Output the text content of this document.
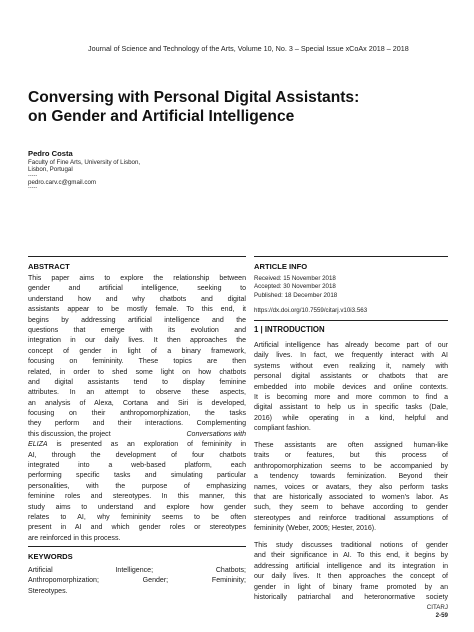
Journal of Science and Technology of the Arts, Volume 10, No. 3 – Special Issue xCoAx 2018 – 2018
Conversing with Personal Digital Assistants:
on Gender and Artificial Intelligence
Pedro Costa
Faculty of Fine Arts, University of Lisbon,
Lisbon, Portugal
-----
pedro.carv.c@gmail.com
-----
ABSTRACT
This paper aims to explore the relationship between
gender and artificial intelligence, seeking to
understand how and why chatbots and digital
assistants appear to be mostly female. To this end, it
begins by addressing artificial intelligence and the
questions that emerge with its evolution and
integration in our daily lives. It then approaches the
concept of gender in light of a binary framework,
focusing on femininity. These topics are then
related, in order to shed some light on how chatbots
and digital assistants tend to display feminine
attributes. In an attempt to observe these aspects,
an analysis of Alexa, Cortana and Siri is developed,
focusing on their anthropomorphization, the tasks
they perform and their interactions. Complementing
this discussion, the project	Conversations with
ELIZA is presented as an exploration of femininity in
AI, through the development of four chatbots
integrated into a web-based platform, each
performing specific tasks and simulating particular
personalities, with the purpose of emphasizing
feminine roles and stereotypes. In this manner, this
study aims to understand and explore how gender
relates to AI, why femininity seems to be often
present in AI and which gender roles or stereotypes
are reinforced in this process.
KEYWORDS
Artificial	Intelligence;	Chatbots;
Anthropomorphization;	Gender;	Femininity;
Stereotypes.
ARTICLE INFO
Received: 15 November 2018
Accepted: 30 November 2018
Published: 18 December 2018
https://dx.doi.org/10.7559/citarj.v10i3.563
1 | INTRODUCTION
Artificial intelligence has already become part of our
daily lives. In fact, we frequently interact with AI
systems without even realizing it, namely with
personal digital assistants or chatbots that are
embedded into mobile devices and online contexts.
It is becoming more and more common to find a
digital assistant to help us in specific tasks (Dale,
2016) while operating in a kind, helpful and
compliant fashion.
These assistants are often assigned human-like
traits or features, but this process of
anthropomorphization seems to be accompanied by
a tendency towards feminization. Beyond their
names, voices or avatars, they also perform tasks
that are historically associated to women's labor. As
such, they seem to behave according to gender
stereotypes and reinforce traditional assumptions of
femininity (Weber, 2005; Hester, 2016).
This study discusses traditional notions of gender
and their significance in AI. To this end, it begins by
addressing artificial intelligence and its integration in
our daily lives. It then approaches the concept of
gender in light of binary frame promoted by an
historically patriarchal and heteronormative society
CITARJ
2-59
